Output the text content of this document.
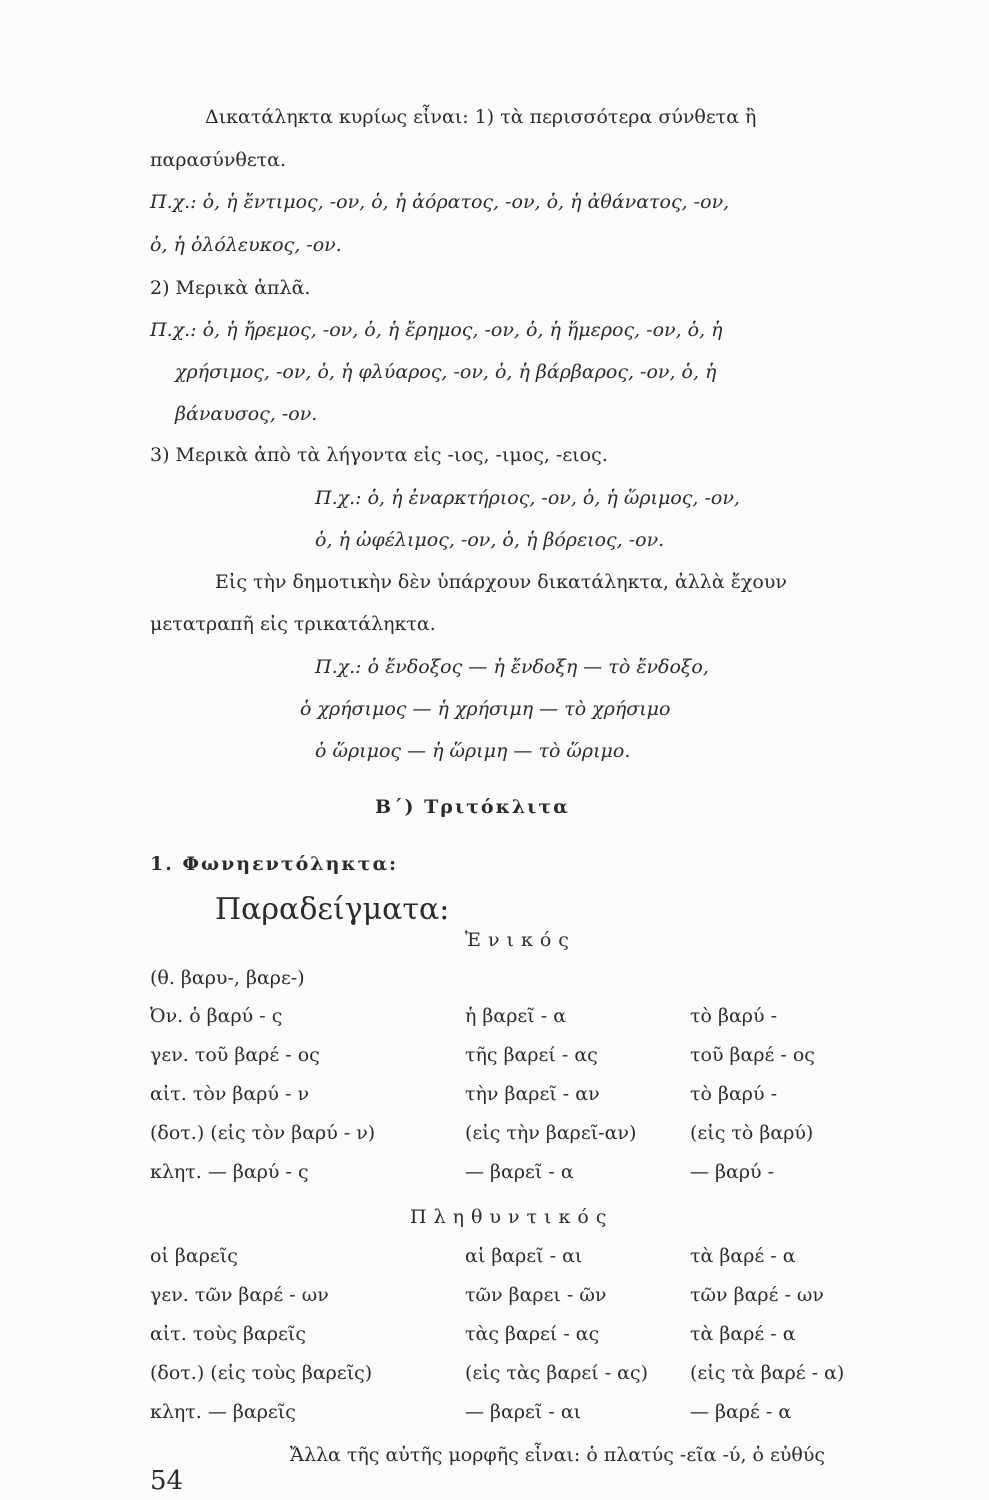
Δικατάληκτα κυρίως εἶναι: 1) τὰ περισσότερα σύνθετα ἢ
παρασύνθετα.
Π.χ.: ὁ, ἡ ἔντιμος, -ον, ὁ, ἡ ἀόρατος, -ον, ὁ, ἡ ἀθάνατος, -ον,
ὁ, ἡ ὁλόλευκος, -ον.
2) Μερικὰ ἁπλᾶ.
Π.χ.: ὁ, ἡ ἤρεμος, -ον, ὁ, ἡ ἔρημος, -ον, ὁ, ἡ ἥμερος, -ον, ὁ, ἡ
χρήσιμος, -ον, ὁ, ἡ φλύαρος, -ον, ὁ, ἡ βάρβαρος, -ον, ὁ, ἡ
βάναυσος, -ον.
3) Μερικὰ ἀπὸ τὰ λήγοντα εἰς -ιος, -ιμος, -ειος.
Π.χ.: ὁ, ἡ ἐναρκτήριος, -ον, ὁ, ἡ ὥριμος, -ον,
ὁ, ἡ ὠφέλιμος, -ον, ὁ, ἡ βόρειος, -ον.
Εἰς τὴν δημοτικὴν δὲν ὑπάρχουν δικατάληκτα, ἀλλὰ ἔχουν
μετατραπῆ εἰς τρικατάληκτα.
Π.χ.: ὁ ἔνδοξος — ἡ ἔνδοξη — τὸ ἔνδοξο,
ὁ χρήσιμος — ἡ χρήσιμη — τὸ χρήσιμο
ὁ ὥριμος — ἡ ὥριμη — τὸ ὥριμο.
Β΄) Τριτόκλιτα
1. Φωνηεντόληκτα:
Παραδείγματα:
Ἑνικός
(θ. βαρυ-, βαρε-)
Ὀν. ὁ βαρύ - ς	ἡ βαρεῖ - α	τὸ βαρύ -
γεν. τοῦ βαρέ - ος	τῆς βαρεί - ας	τοῦ βαρέ - ος
αἰτ. τὸν βαρύ - ν	τὴν βαρεῖ - αν	τὸ βαρύ -
(δοτ.) (εἰς τὸν βαρύ - ν)	(εἰς τὴν βαρεῖ-αν)	(εἰς τὸ βαρύ)
κλητ. — βαρύ - ς	— βαρεῖ - α	— βαρύ -
Πληθυντικός
οἱ βαρεῖς	αἱ βαρεῖ - αι	τὰ βαρέ - α
γεν. τῶν βαρέ - ων	τῶν βαρει - ῶν	τῶν βαρέ - ων
αἰτ. τοὺς βαρεῖς	τὰς βαρεί - ας	τὰ βαρέ - α
(δοτ.) (εἰς τοὺς βαρεῖς)	(εἰς τὰς βαρεί - ας) (εἰς τὰ βαρέ - α)
κλητ. — βαρεῖς	— βαρεῖ - αι	— βαρέ - α
Ἄλλα τῆς αὐτῆς μορφῆς εἶναι: ὁ πλατύς -εῖα -ύ, ὁ εὐθύς
54
